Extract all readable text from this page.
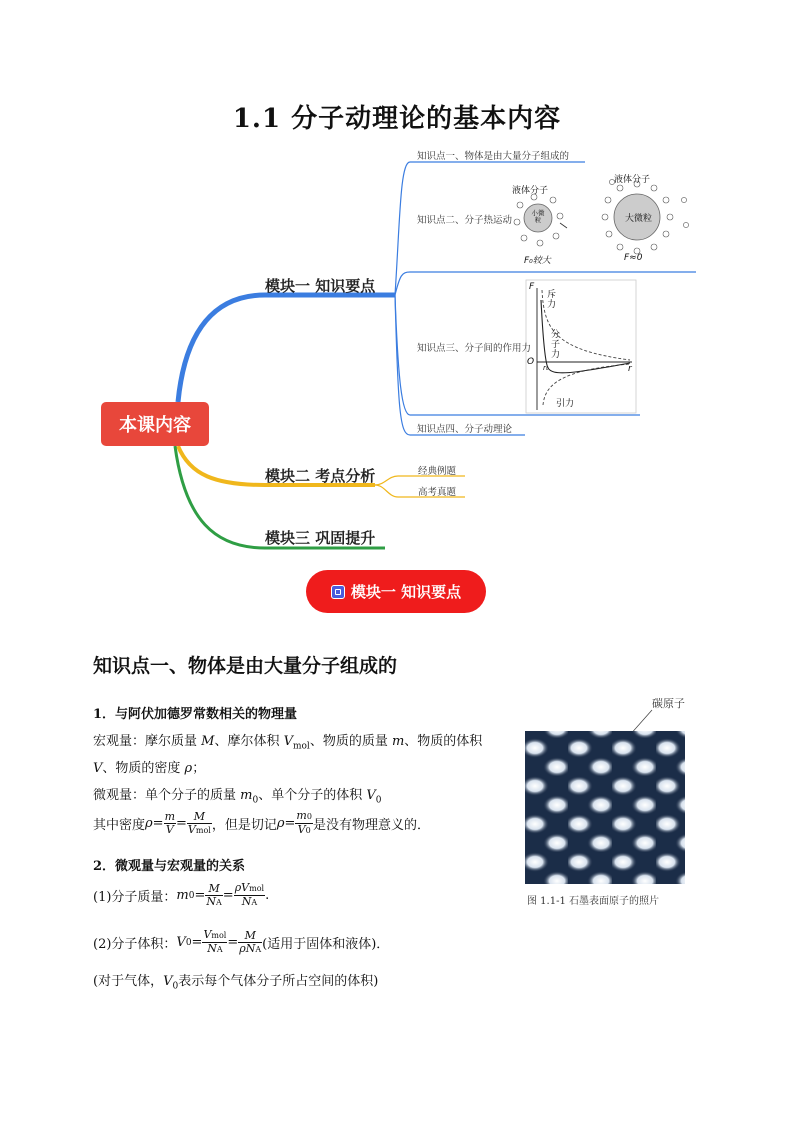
1.1 分子动理论的基本内容
本课内容
模块一 知识要点
模块二 考点分析
模块三 巩固提升
知识点一、物体是由大量分子组成的
知识点二、分子热运动
知识点三、分子间的作用力
知识点四、分子动理论
经典例题
高考真题
液体分子
小微粒
F₀较大
液体分子
大微粒
F≈0
F
r
O
r₀
斥力
分子力
引力
模块一 知识要点
知识点一、物体是由大量分子组成的
1．与阿伏加德罗常数相关的物理量
宏观量：摩尔质量 M、摩尔体积 $V_{mol}$、物质的质量 m、物质的体积
V、物质的密度 ρ；
微观量：单个分子的质量 $m_0$、单个分子的体积 $V_0$
其中密度 $\rho = \frac{m}{V} = \frac{M}{\text{Vmol}}$ ，但是切记 $\rho = \frac{m0}{V0}$ 是没有物理意义的．
2．微观量与宏观量的关系
(1)分子质量： m $0 = \frac{M}{NA} = \frac{\text{ρVmol}}{NA}$ .
(2)分子体积： V $0 = \frac{\text{Vmol}}{NA} = \frac{M}{\text{ρNA}}$ (适用于固体和液体)．
(对于气体，$V_0$表示每个气体分子所占空间的体积)
碳原子
图 1.1-1 石墨表面原子的照片
